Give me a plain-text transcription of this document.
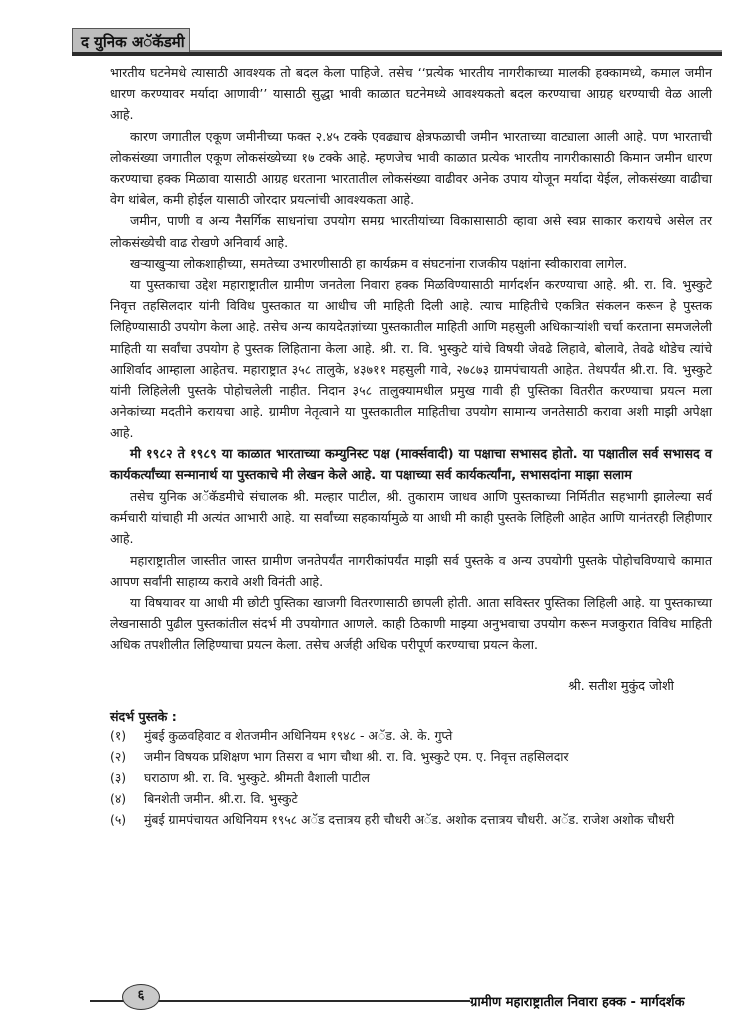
द युनिक अॅकॅडमी

भारतीय घटनेमधे त्यासाठी आवश्यक तो बदल केला पाहिजे. तसेच ‘‘प्रत्येक भारतीय नागरीकाच्या मालकी हक्कामध्ये, कमाल जमीन धारण करण्यावर मर्यादा आणावी’’ यासाठी सुद्धा भावी काळात घटनेमध्ये आवश्यकतो बदल करण्याचा आग्रह धरण्याची वेळ आली आहे.

कारण जगातील एकूण जमीनीच्या फक्त २.४५ टक्के एवढ्याच क्षेत्रफळाची जमीन भारताच्या वाट्याला आली आहे. पण भारताची लोकसंख्या जगातील एकूण लोकसंख्येच्या १७ टक्के आहे. म्हणजेच भावी काळात प्रत्येक भारतीय नागरीकासाठी किमान जमीन धारण करण्याचा हक्क मिळावा यासाठी आग्रह धरताना भारतातील लोकसंख्या वाढीवर अनेक उपाय योजून मर्यादा येईल, लोकसंख्या वाढीचा वेग थांबेल, कमी होईल यासाठी जोरदार प्रयत्नांची आवश्यकता आहे.

जमीन, पाणी व अन्य नैसर्गिक साधनांचा उपयोग समग्र भारतीयांच्या विकासासाठी व्हावा असे स्वप्न साकार करायचे असेल तर लोकसंख्येची वाढ रोखणे अनिवार्य आहे.

खऱ्याखुऱ्या लोकशाहीच्या, समतेच्या उभारणीसाठी हा कार्यक्रम व संघटनांना राजकीय पक्षांना स्वीकारावा लागेल.

या पुस्तकाचा उद्देश महाराष्ट्रातील ग्रामीण जनतेला निवारा हक्क मिळविण्यासाठी मार्गदर्शन करण्याचा आहे. श्री. रा. वि. भुस्कुटे निवृत्त तहसिलदार यांनी विविध पुस्तकात या आधीच जी माहिती दिली आहे. त्याच माहितीचे एकत्रित संकलन करून हे पुस्तक लिहिण्यासाठी उपयोग केला आहे. तसेच अन्य कायदेतज्ञांच्या पुस्तकातील माहिती आणि महसुली अधिकाऱ्यांशी चर्चा करताना समजलेली माहिती या सर्वांचा उपयोग हे पुस्तक लिहिताना केला आहे. श्री. रा. वि. भुस्कुटे यांचे विषयी जेवढे लिहावे, बोलावे, तेवढे थोडेच त्यांचे आशिर्वाद आम्हाला आहेतच. महाराष्ट्रात ३५८ तालुके, ४३७११ महसुली गावे, २७८७३ ग्रामपंचायती आहेत. तेथपर्यंत श्री.रा. वि. भुस्कुटे यांनी लिहिलेली पुस्तके पोहोचलेली नाहीत. निदान ३५८ तालुक्यामधील प्रमुख गावी ही पुस्तिका वितरीत करण्याचा प्रयत्न मला अनेकांच्या मदतीने करायचा आहे. ग्रामीण नेतृत्वाने या पुस्तकातील माहितीचा उपयोग सामान्य जनतेसाठी करावा अशी माझी अपेक्षा आहे.

मी १९८२ ते १९८९ या काळात भारताच्या कम्युनिस्ट पक्ष (मार्क्सवादी) या पक्षाचा सभासद होतो. या पक्षातील सर्व सभासद व कार्यकर्त्यांच्या सन्मानार्थ या पुस्तकाचे मी लेखन केले आहे. या पक्षाच्या सर्व कार्यकर्त्यांना, सभासदांना माझा सलाम

तसेच युनिक अॅकॅडमीचे संचालक श्री. मल्हार पाटील, श्री. तुकाराम जाधव आणि पुस्तकाच्या निर्मितीत सहभागी झालेल्या सर्व कर्मचारी यांचाही मी अत्यंत आभारी आहे. या सर्वांच्या सहकार्यामुळे या आधी मी काही पुस्तके लिहिली आहेत आणि यानंतरही लिहीणार आहे.

महाराष्ट्रातील जास्तीत जास्त ग्रामीण जनतेपर्यंत नागरीकांपर्यंत माझी सर्व पुस्तके व अन्य उपयोगी पुस्तके पोहोचविण्याचे कामात आपण सर्वांनी साहाय्य करावे अशी विनंती आहे.

या विषयावर या आधी मी छोटी पुस्तिका खाजगी वितरणासाठी छापली होती. आता सविस्तर पुस्तिका लिहिली आहे. या पुस्तकाच्या लेखनासाठी पुढील पुस्तकांतील संदर्भ मी उपयोगात आणले. काही ठिकाणी माझ्या अनुभवाचा उपयोग करून मजकुरात विविध माहिती अधिक तपशीलीत लिहिण्याचा प्रयत्न केला. तसेच अर्जही अधिक परीपूर्ण करण्याचा प्रयत्न केला.

श्री. सतीश मुकुंद जोशी
संदर्भ पुस्तके :
(१)	मुंबई कुळवहिवाट व शेतजमीन अधिनियम १९४८ - अॅड. अे. के. गुप्ते
(२)	जमीन विषयक प्रशिक्षण भाग तिसरा व भाग चौथा श्री. रा. वि. भुस्कुटे एम. ए. निवृत्त तहसिलदार
(३)	घराठाण श्री. रा. वि. भुस्कुटे. श्रीमती वैशाली पाटील
(४)	बिनशेती जमीन. श्री.रा. वि. भुस्कुटे
(५)	मुंबई ग्रामपंचायत अधिनियम १९५८ अॅड दत्तात्रय हरी चौधरी अॅड. अशोक दत्तात्रय चौधरी. अॅड. राजेश अशोक चौधरी
६	ग्रामीण महाराष्ट्रातील निवारा हक्क - मार्गदर्शक
